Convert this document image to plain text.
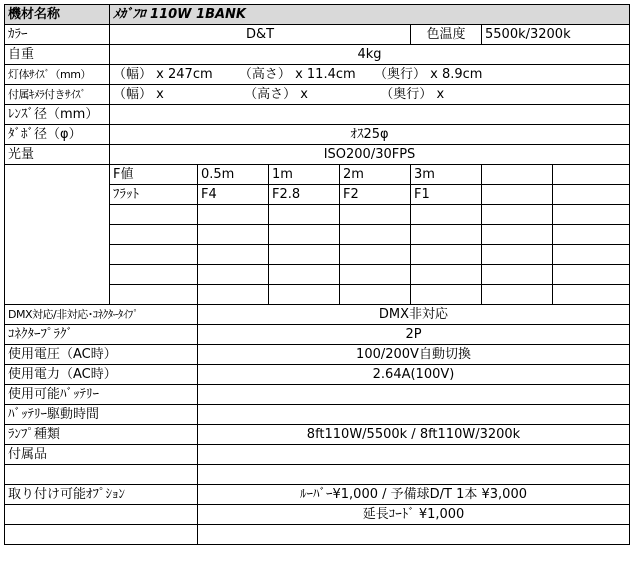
機材名称	ﾒｶﾞﾌﾛ 110W 1BANK						
ｶﾗｰ	D&T				色温度	5500k/3200k	
自重	4kg						
灯体ｻｲｽﾞ（mm）	（幅） x 247cm （高さ） x 11.4cm （奥行） x 8.9cm						
付属ｷﾒﾗ付きｻｲｽﾞ	（幅） x （高さ） x （奥行） x						
ﾚﾝｽﾞ径（mm）							
ﾀﾞﾎﾞ径（φ）	ｵｽ25φ						
光量	ISO200/30FPS						
	F値	0.5m	1m	2m	3m		
	ﾌﾗｯﾄ	F4	F2.8	F2	F1		

DMX対応/非対応･ｺﾈｸﾀｰﾀｲﾌﾟ		DMX非対応					
ｺﾈｸﾀｰﾌﾟﾗｸﾞ		2P					
使用電圧（AC時）		100/200V自動切換					
使用電力（AC時）		2.64A(100V)					
使用可能ﾊﾞｯﾃﾘｰ							
ﾊﾞｯﾃﾘｰ駆動時間							
ﾗﾝﾌﾟ種類		8ft110W/5500k / 8ft110W/3200k					
付属品							

取り付け可能ｵﾌﾟｼｮﾝ		ﾙｰﾊﾞｰ¥1,000 / 予備球D/T 1本 ¥3,000					
		延長ｺｰﾄﾞ ¥1,000					
